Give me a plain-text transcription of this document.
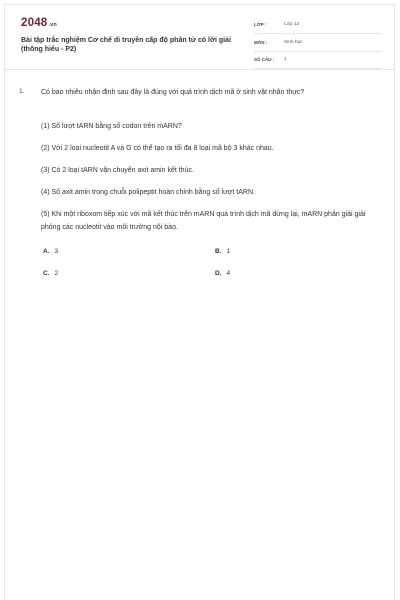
2048.vn
Bài tập trắc nghiệm Cơ chế di truyền cấp độ phân tử có lời giải (thông hiểu - P2)
LỚP :	Lớp 12
MÔN :	Sinh học
SỐ CÂU : 1
1. Có bao nhiêu nhận định sau đây là đúng với quá trình dịch mã ở sinh vật nhân thực?
(1) Số lượt tARN bằng số codon trên mARN?
(2) Với 2 loại nucleotit A và G có thể tạo ra tối đa 8 loại mã bộ 3 khác nhau.
(3) Có 2 loại tARN vận chuyển axit amin kết thúc.
(4) Số axit amin trong chuỗi polipeptit hoàn chỉnh bằng số lượt tARN.
(5) Khi một riboxom tiếp xúc với mã kết thúc trên mARN quá trình dịch mã dừng lại, mARN phân giải giải phóng các nucleotit vào môi trường nội bào.
A. 3	B. 1
C. 2	D. 4
